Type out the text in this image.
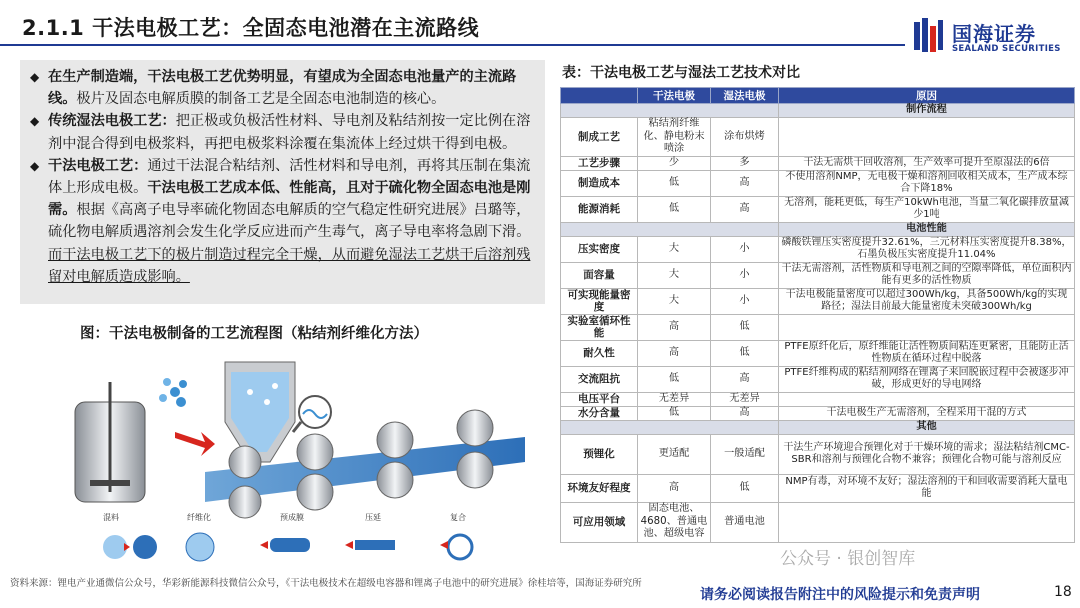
2.1.1 干法电极工艺：全固态电池潜在主流路线	国海证券
SEALAND SECURITIES
◆ 在生产制造端，干法电极工艺优势明显，有望成为全固态电池量产的主流路线。极片及固态电解质膜的制备工艺是全固态电池制造的核心。
◆ 传统湿法电极工艺：把正极或负极活性材料、导电剂及粘结剂按一定比例在溶剂中混合得到电极浆料，再把电极浆料涂覆在集流体上经过烘干得到电极。
◆ 干法电极工艺：通过干法混合粘结剂、活性材料和导电剂，再将其压制在集流体上形成电极。干法电极工艺成本低、性能高，且对于硫化物全固态电池是刚需。根据《高离子电导率硫化物固态电解质的空气稳定性研究进展》吕璐等，硫化物电解质遇溶剂会发生化学反应进而产生毒气，离子导电率将急剧下滑。而干法电极工艺下的极片制造过程完全干燥，从而避免湿法工艺烘干后溶剂残留对电解质造成影响。
图：干法电极制备的工艺流程图（粘结剂纤维化方法）
混料	纤维化	预成膜	压延	复合
表：干法电极工艺与湿法工艺技术对比
	干法电极	湿法电极	原因
			制作流程
制成工艺	粘结剂纤维化、静电粉末喷涂	涂布烘烤	
工艺步骤	少	多	干法无需烘干回收溶剂，生产效率可提升至原湿法的6倍
制造成本	低	高	不使用溶剂NMP，无电极干燥和溶剂回收相关成本，生产成本综合下降18%
能源消耗	低	高	无溶剂，能耗更低，每生产10kWh电池，当量二氧化碳排放量减少1吨
			电池性能
压实密度	大	小	磷酸铁锂压实密度提升32.61%，三元材料压实密度提升8.38%，石墨负极压实密度提升11.04%
面容量	大	小	干法无需溶剂，活性物质和导电剂之间的空隙率降低，单位面积内能有更多的活性物质
可实现能量密度	大	小	干法电极能量密度可以超过300Wh/kg，具备500Wh/kg的实现路径；湿法目前最大能量密度未突破300Wh/kg
实验室循环性能	高	低	
耐久性	高	低	PTFE原纤化后，原纤维能让活性物质间粘连更紧密，且能防止活性物质在循环过程中脱落
交流阻抗	低	高	PTFE纤维构成的粘结剂网络在锂离子来回脱嵌过程中会被逐步冲破，形成更好的导电网络
电压平台	无差异	无差异	
水分含量	低	高	干法电极生产无需溶剂，全程采用干混的方式
			其他
预锂化	更适配	一般适配	干法生产环境迎合预锂化对于干燥环境的需求；湿法粘结剂CMC-SBR和溶剂与预锂化合物不兼容；预锂化合物可能与溶剂反应
环境友好程度	高	低	NMP有毒，对环境不友好；湿法溶剂的干和回收需要消耗大量电能
可应用领域	固态电池、4680、普通电池、超级电容	普通电池	
公众号 · 银创智库
资料来源：锂电产业通微信公众号，华彩新能源科技微信公众号，《干法电极技术在超级电容器和锂离子电池中的研究进展》徐桂培等，国海证券研究所
请务必阅读报告附注中的风险提示和免责声明	18
